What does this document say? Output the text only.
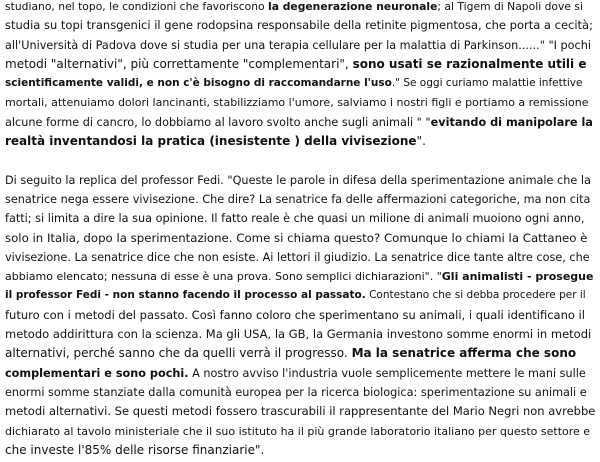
studiano, nel topo, le condizioni che favoriscono la degenerazione neuronale; al Tigem di Napoli dove si
studia su topi transgenici il gene rodopsina responsabile della retinite pigmentosa, che porta a cecità;
all'Università di Padova dove si studia per una terapia cellulare per la malattia di Parkinson......" "I pochi
metodi "alternativi", più correttamente "complementari", sono usati se razionalmente utili e
scientificamente validi, e non c'è bisogno di raccomandarne l'uso." Se oggi curiamo malattie infettive
mortali, attenuiamo dolori lancinanti, stabilizziamo l'umore, salviamo i nostri figli e portiamo a remissione
alcune forme di cancro, lo dobbiamo al lavoro svolto anche sugli animali " "evitando di manipolare la
realtà inventandosi la pratica (inesistente ) della vivisezione".
Di seguito la replica del professor Fedi. "Queste le parole in difesa della sperimentazione animale che la
senatrice nega essere vivisezione. Che dire? La senatrice fa delle affermazioni categoriche, ma non cita
fatti; si limita a dire la sua opinione. Il fatto reale è che quasi un milione di animali muoiono ogni anno,
solo in Italia, dopo la sperimentazione. Come si chiama questo? Comunque lo chiami la Cattaneo è
vivisezione. La senatrice dice che non esiste. Ai lettori il giudizio. La senatrice dice tante altre cose, che
abbiamo elencato; nessuna di esse è una prova. Sono semplici dichiarazioni". "Gli animalisti - prosegue
il professor Fedi - non stanno facendo il processo al passato. Contestano che si debba procedere per il
futuro con i metodi del passato. Così fanno coloro che sperimentano su animali, i quali identificano il
metodo addirittura con la scienza. Ma gli USA, la GB, la Germania investono somme enormi in metodi
alternativi, perché sanno che da quelli verrà il progresso. Ma la senatrice afferma che sono
complementari e sono pochi. A nostro avviso l'industria vuole semplicemente mettere le mani sulle
enormi somme stanziate dalla comunità europea per la ricerca biologica: sperimentazione su animali e
metodi alternativi. Se questi metodi fossero trascurabili il rappresentante del Mario Negri non avrebbe
dichiarato al tavolo ministeriale che il suo istituto ha il più grande laboratorio italiano per questo settore e
che investe l'85% delle risorse finanziarie".
